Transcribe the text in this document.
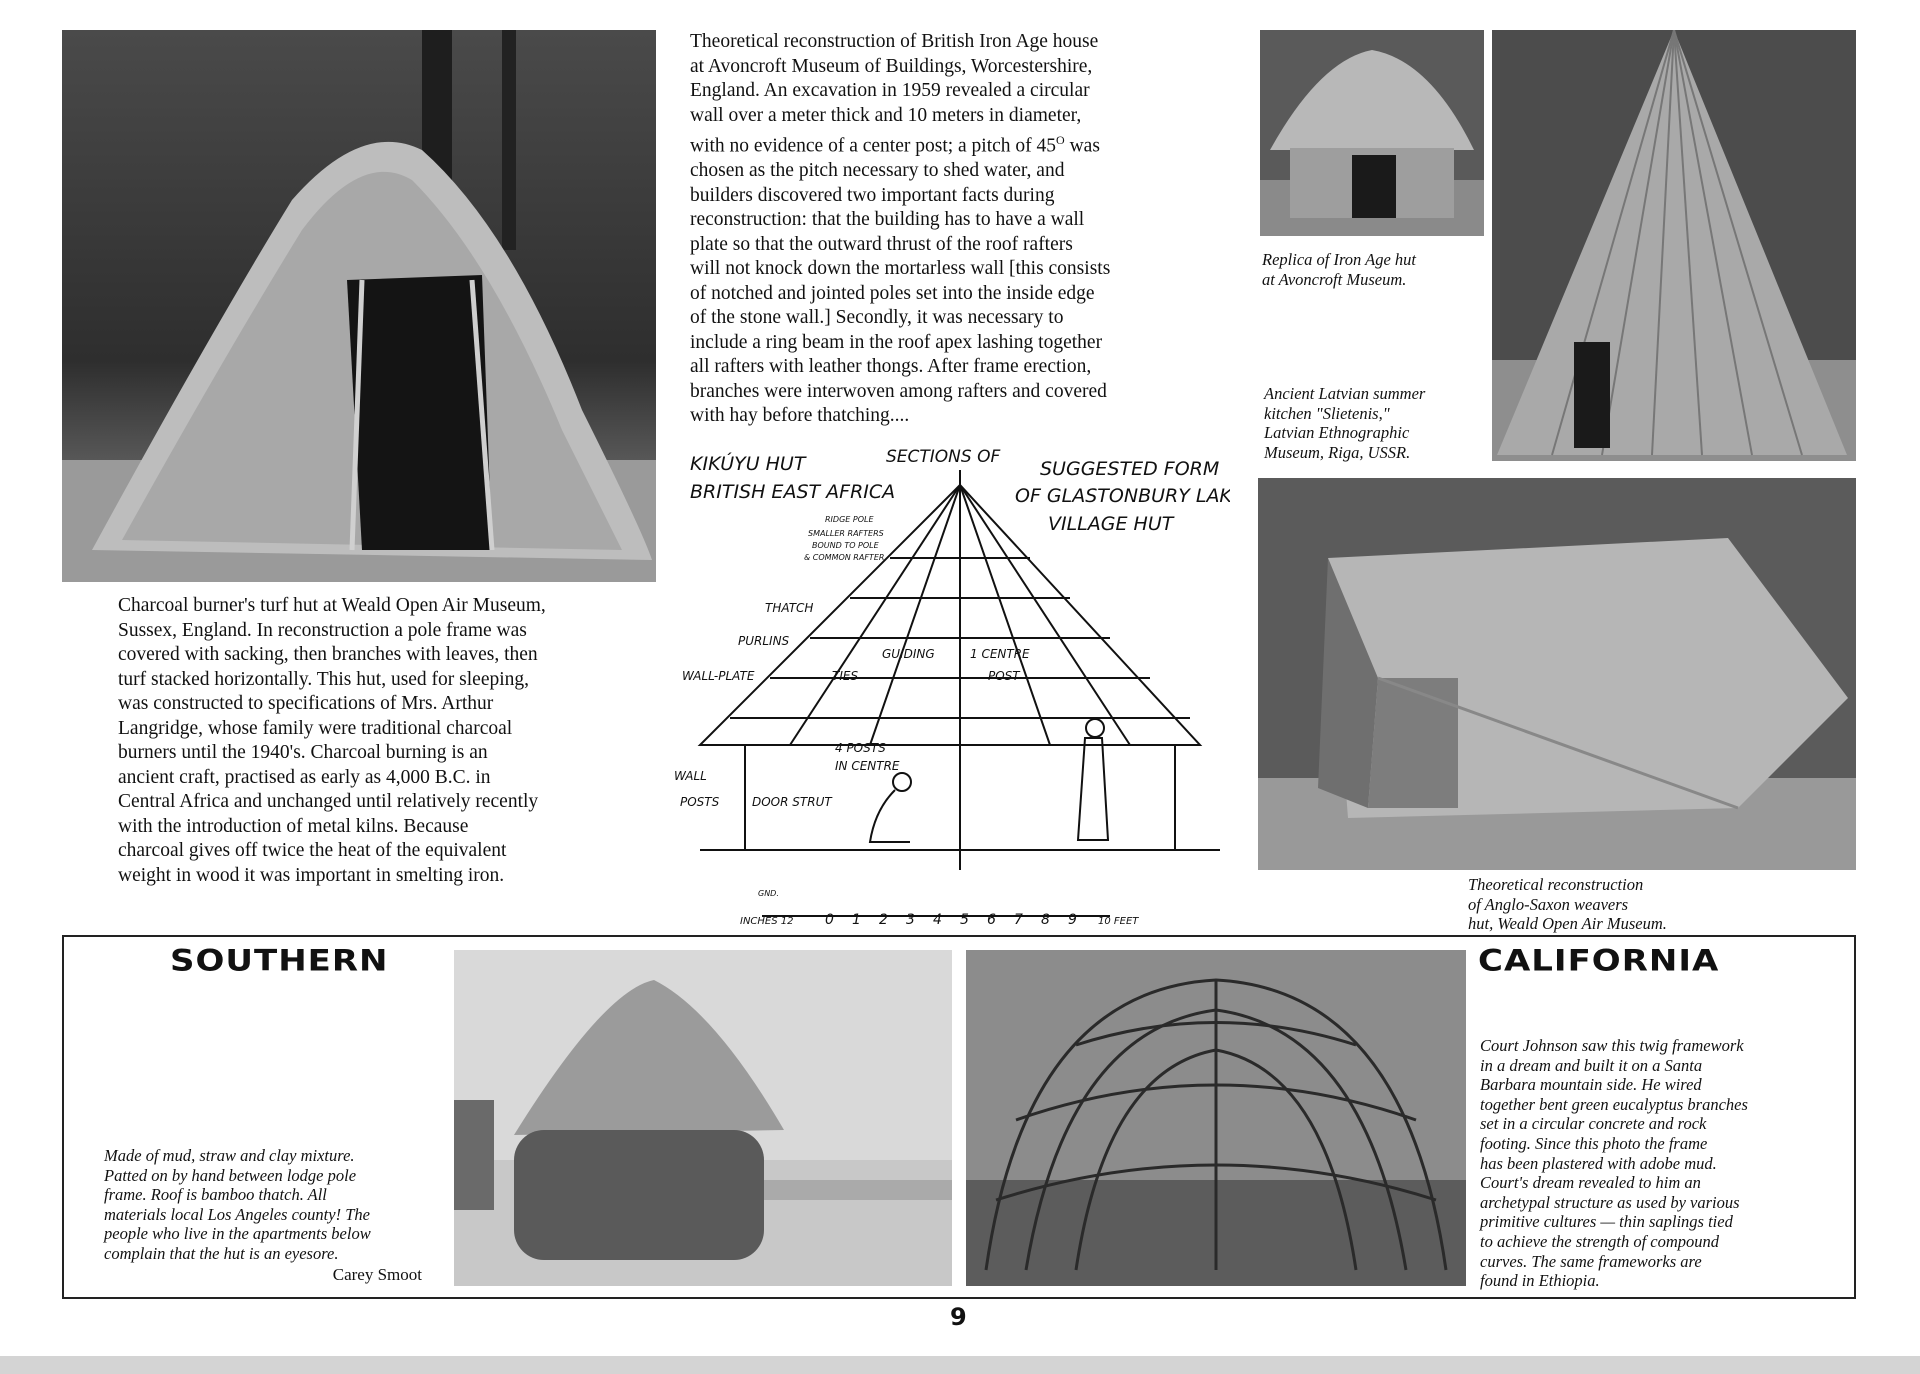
Charcoal burner's turf hut at Weald Open Air Museum,
Sussex, England. In reconstruction a pole frame was
covered with sacking, then branches with leaves, then
turf stacked horizontally. This hut, used for sleeping,
was constructed to specifications of Mrs. Arthur
Langridge, whose family were traditional charcoal
burners until the 1940's. Charcoal burning is an
ancient craft, practised as early as 4,000 B.C. in
Central Africa and unchanged until relatively recently
with the introduction of metal kilns. Because
charcoal gives off twice the heat of the equivalent
weight in wood it was important in smelting iron.

Theoretical reconstruction of British Iron Age house
at Avoncroft Museum of Buildings, Worcestershire,
England. An excavation in 1959 revealed a circular
wall over a meter thick and 10 meters in diameter,
with no evidence of a center post; a pitch of $45^O$ was
chosen as the pitch necessary to shed water, and
builders discovered two important facts during
reconstruction: that the building has to have a wall
plate so that the outward thrust of the roof rafters
will not knock down the mortarless wall [this consists
of notched and jointed poles set into the inside edge
of the stone wall.] Secondly, it was necessary to
include a ring beam in the roof apex lashing together
all rafters with leather thongs. After frame erection,
branches were interwoven among rafters and covered
with hay before thatching....

KIKÚYU HUT
BRITISH EAST AFRICA
SECTIONS OF
SUGGESTED FORM
OF GLASTONBURY LAKE
VILLAGE HUT
RIDGE POLE
SMALLER RAFTERS
BOUND TO POLE
& COMMON RAFTER
THATCH
PURLINS
WALL-PLATE	TIES
GUIDING	1 CENTRE
POST
4 POSTS
IN CENTRE
WALL
POSTS	DOOR STRUT
GND.
INCHES 12 0 1 2 3 4 5 6 7 8 9 10 FEET

Replica of Iron Age hut
at Avoncroft Museum.

Ancient Latvian summer
kitchen "Slietenis,"
Latvian Ethnographic
Museum, Riga, USSR.

Theoretical reconstruction
of Anglo-Saxon weavers
hut, Weald Open Air Museum.

SOUTHERN	CALIFORNIA

Made of mud, straw and clay mixture.
Patted on by hand between lodge pole
frame. Roof is bamboo thatch. All
materials local Los Angeles county! The
people who live in the apartments below
complain that the hut is an eyesore.

Carey Smoot

Court Johnson saw this twig framework
in a dream and built it on a Santa
Barbara mountain side. He wired
together bent green eucalyptus branches
set in a circular concrete and rock
footing. Since this photo the frame
has been plastered with adobe mud.
Court's dream revealed to him an
archetypal structure as used by various
primitive cultures — thin saplings tied
to achieve the strength of compound
curves. The same frameworks are
found in Ethiopia.

9
